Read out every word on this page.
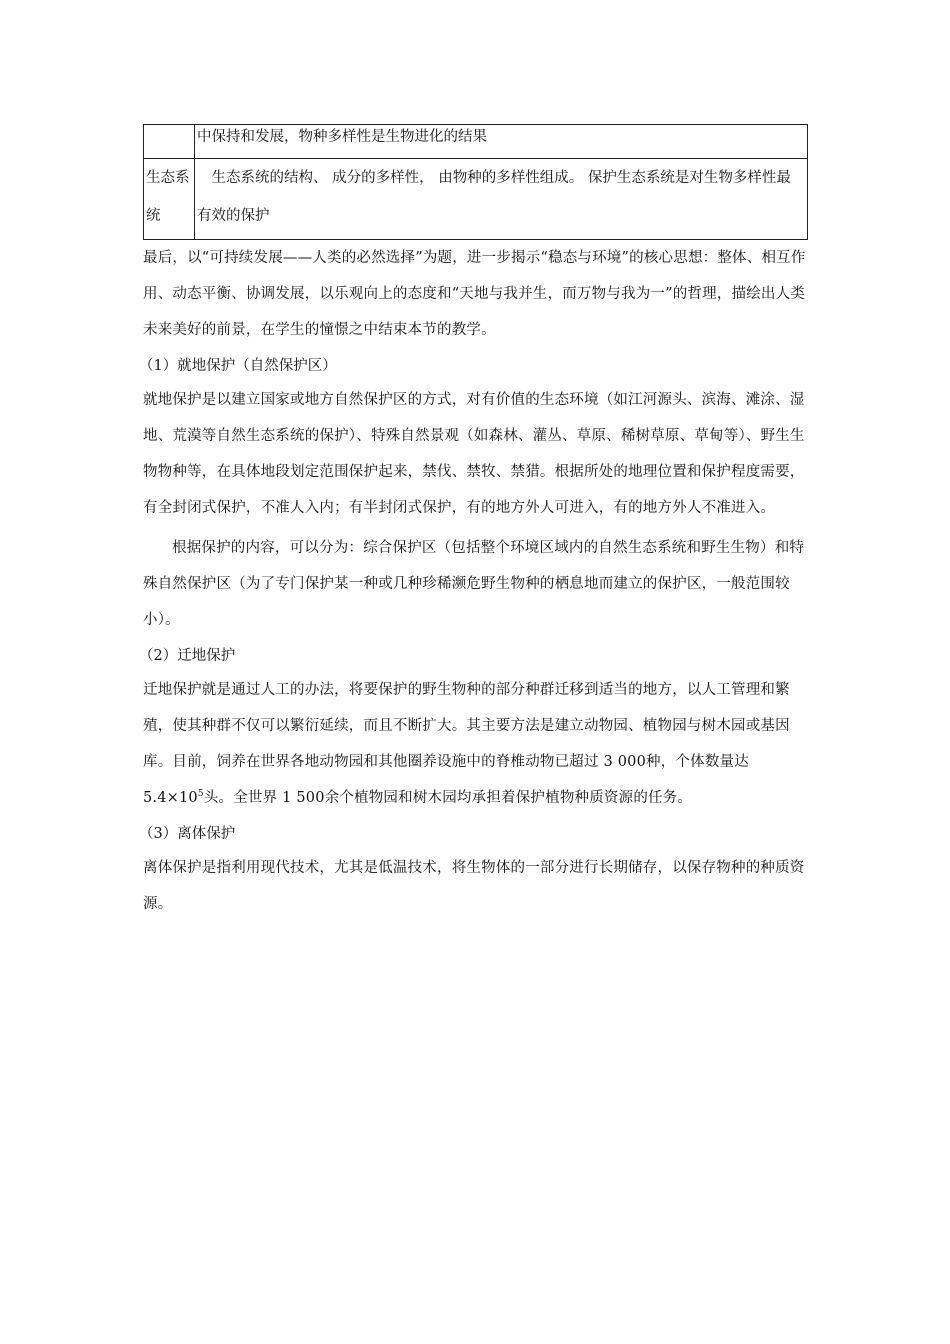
	中保持和发展，物种多样性是生物进化的结果
生态系统	　生态系统的结构、 成分的多样性， 由物种的多样性组成。 保护生态系统是对生物多样性最有效的保护

最后，以“可持续发展——人类的必然选择”为题，进一步揭示“稳态与环境”的核心思想：整体、相互作用、动态平衡、协调发展，以乐观向上的态度和“天地与我并生，而万物与我为一”的哲理，描绘出人类未来美好的前景，在学生的憧憬之中结束本节的教学。

（1）就地保护（自然保护区）

就地保护是以建立国家或地方自然保护区的方式，对有价值的生态环境（如江河源头、滨海、滩涂、湿地、荒漠等自然生态系统的保护）、特殊自然景观（如森林、灌丛、草原、稀树草原、草甸等）、野生生物物种等，在具体地段划定范围保护起来，禁伐、禁牧、禁猎。根据所处的地理位置和保护程度需要，有全封闭式保护，不准人入内；有半封闭式保护，有的地方外人可进入，有的地方外人不准进入。

根据保护的内容，可以分为：综合保护区（包括整个环境区域内的自然生态系统和野生生物）和特殊自然保护区（为了专门保护某一种或几种珍稀濒危野生物种的栖息地而建立的保护区，一般范围较小）。

（2）迁地保护

迁地保护就是通过人工的办法，将要保护的野生物种的部分种群迁移到适当的地方，以人工管理和繁殖，使其种群不仅可以繁衍延续，而且不断扩大。其主要方法是建立动物园、植物园与树木园或基因库。目前，饲养在世界各地动物园和其他圈养设施中的脊椎动物已超过 3 000种，个体数量达 $5.4\times 10^5$头。全世界 1 500余个植物园和树木园均承担着保护植物种质资源的任务。

（3）离体保护

离体保护是指利用现代技术，尤其是低温技术，将生物体的一部分进行长期储存，以保存物种的种质资源。
